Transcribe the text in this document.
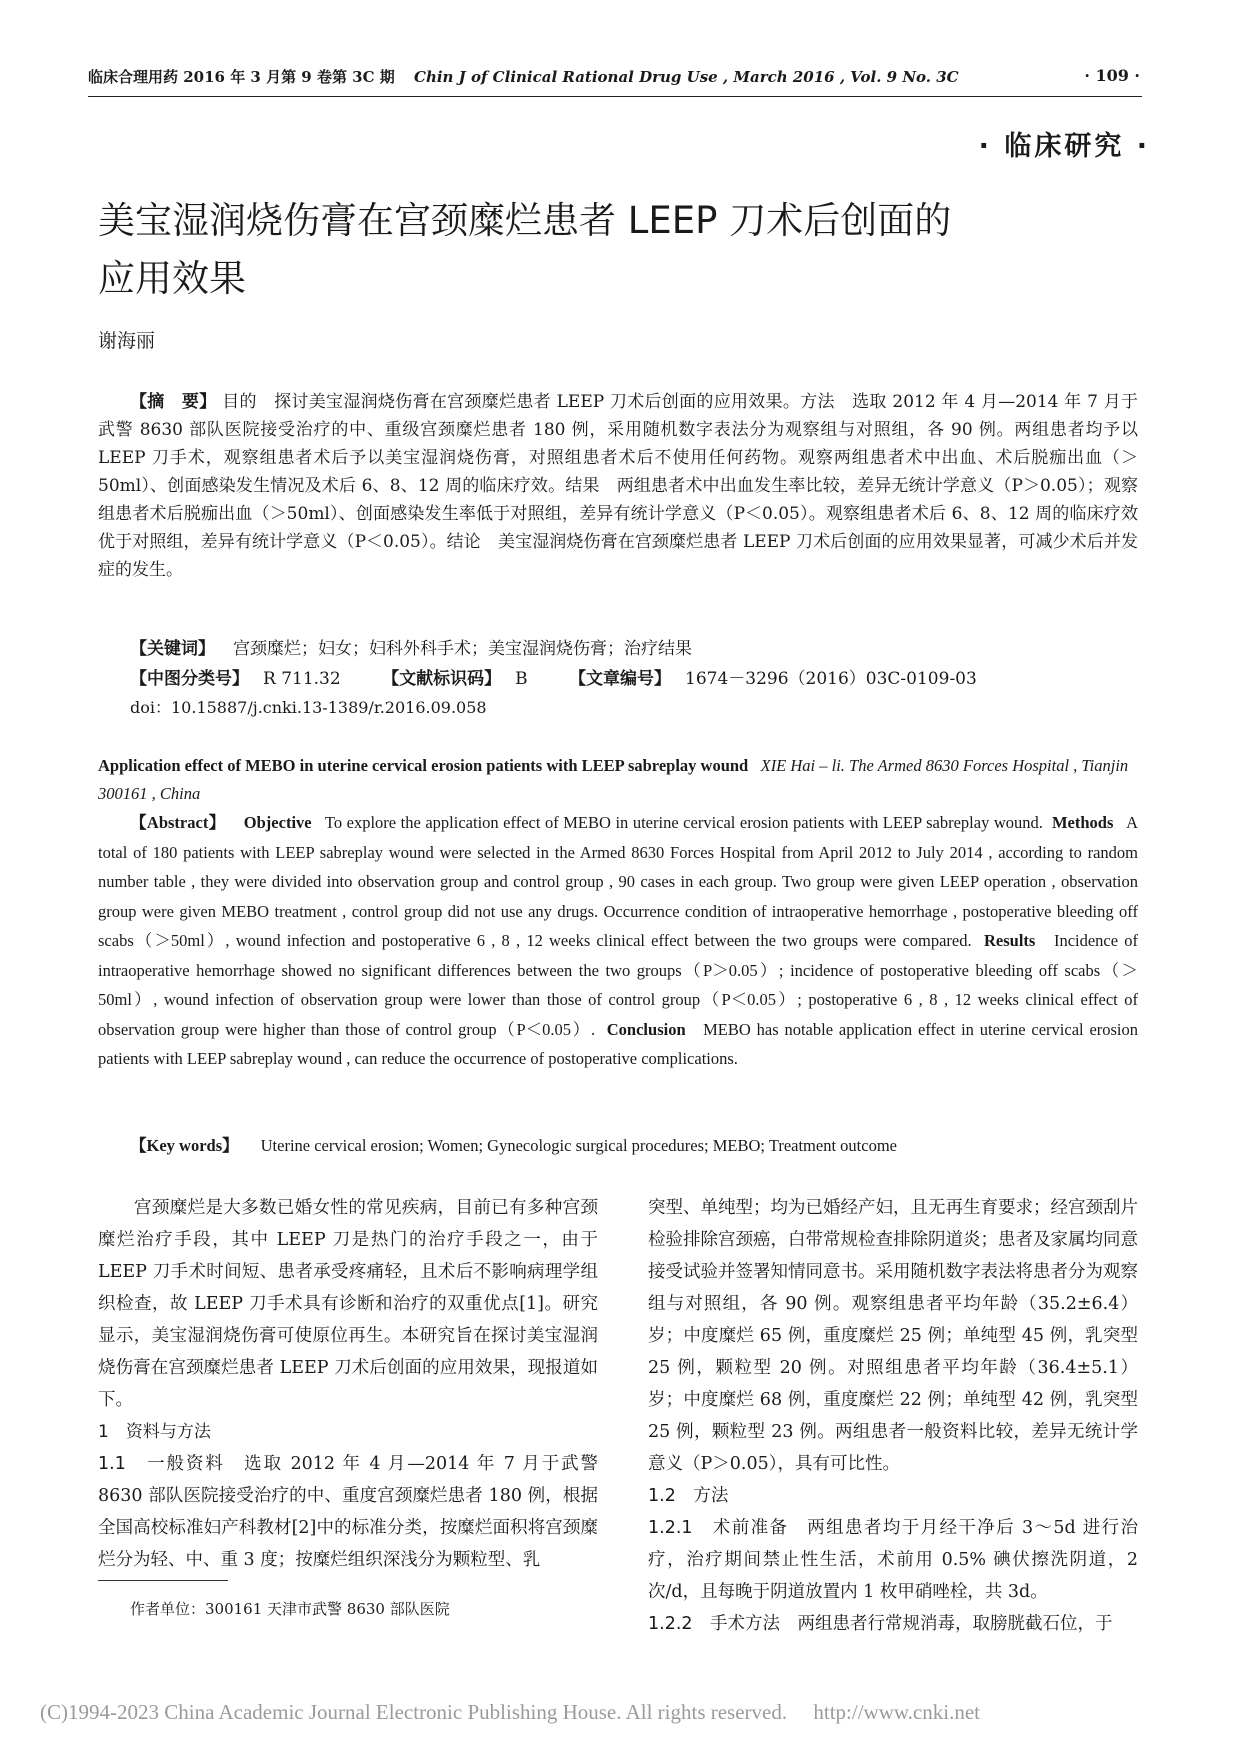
临床合理用药 2016 年 3 月第 9 卷第 3C 期 Chin J of Clinical Rational Drug Use , March 2016 , Vol. 9 No. 3C	· 109 ·
· 临床研究 ·
美宝湿润烧伤膏在宫颈糜烂患者 LEEP 刀术后创面的
应用效果
谢海丽
【摘　要】 目的　探讨美宝湿润烧伤膏在宫颈糜烂患者 LEEP 刀术后创面的应用效果。方法　选取 2012 年 4 月—2014 年 7 月于武警 8630 部队医院接受治疗的中、重级宫颈糜烂患者 180 例，采用随机数字表法分为观察组与对照组，各 90 例。两组患者均予以 LEEP 刀手术，观察组患者术后予以美宝湿润烧伤膏，对照组患者术后不使用任何药物。观察两组患者术中出血、术后脱痂出血（＞50ml）、创面感染发生情况及术后 6、8、12 周的临床疗效。结果　两组患者术中出血发生率比较，差异无统计学意义（P＞0.05）；观察组患者术后脱痂出血（＞50ml）、创面感染发生率低于对照组，差异有统计学意义（P＜0.05）。观察组患者术后 6、8、12 周的临床疗效优于对照组，差异有统计学意义（P＜0.05）。结论　美宝湿润烧伤膏在宫颈糜烂患者 LEEP 刀术后创面的应用效果显著，可减少术后并发症的发生。
【关键词】 宫颈糜烂；妇女；妇科外科手术；美宝湿润烧伤膏；治疗结果
【中图分类号】 R 711.32 【文献标识码】 B 【文章编号】 1674－3296（2016）03C-0109-03
doi：10.15887/j.cnki.13-1389/r.2016.09.058
Application effect of MEBO in uterine cervical erosion patients with LEEP sabreplay wound XIE Hai – li. The Armed 8630 Forces Hospital , Tianjin 300161 , China
【Abstract】 Objective To explore the application effect of MEBO in uterine cervical erosion patients with LEEP sabreplay wound. Methods A total of 180 patients with LEEP sabreplay wound were selected in the Armed 8630 Forces Hospital from April 2012 to July 2014 , according to random number table , they were divided into observation group and control group , 90 cases in each group. Two group were given LEEP operation , observation group were given MEBO treatment , control group did not use any drugs. Occurrence condition of intraoperative hemorrhage , postoperative bleeding off scabs（＞50ml）, wound infection and postoperative 6 , 8 , 12 weeks clinical effect between the two groups were compared. Results Incidence of intraoperative hemorrhage showed no significant differences between the two groups（P＞0.05）; incidence of postoperative bleeding off scabs（＞50ml）, wound infection of observation group were lower than those of control group（P＜0.05）; postoperative 6 , 8 , 12 weeks clinical effect of observation group were higher than those of control group（P＜0.05）. Conclusion MEBO has notable application effect in uterine cervical erosion patients with LEEP sabreplay wound , can reduce the occurrence of postoperative complications.
【Key words】 Uterine cervical erosion; Women; Gynecologic surgical procedures; MEBO; Treatment outcome
宫颈糜烂是大多数已婚女性的常见疾病，目前已有多种宫颈糜烂治疗手段，其中 LEEP 刀是热门的治疗手段之一，由于 LEEP 刀手术时间短、患者承受疼痛轻，且术后不影响病理学组织检查，故 LEEP 刀手术具有诊断和治疗的双重优点[1]。研究显示，美宝湿润烧伤膏可使原位再生。本研究旨在探讨美宝湿润烧伤膏在宫颈糜烂患者 LEEP 刀术后创面的应用效果，现报道如下。
1　资料与方法
1.1　一般资料　选取 2012 年 4 月—2014 年 7 月于武警 8630 部队医院接受治疗的中、重度宫颈糜烂患者 180 例，根据全国高校标准妇产科教材[2]中的标准分类，按糜烂面积将宫颈糜烂分为轻、中、重 3 度；按糜烂组织深浅分为颗粒型、乳
突型、单纯型；均为已婚经产妇，且无再生育要求；经宫颈刮片检验排除宫颈癌，白带常规检查排除阴道炎；患者及家属均同意接受试验并签署知情同意书。采用随机数字表法将患者分为观察组与对照组，各 90 例。观察组患者平均年龄（35.2±6.4）岁；中度糜烂 65 例，重度糜烂 25 例；单纯型 45 例，乳突型 25 例，颗粒型 20 例。对照组患者平均年龄（36.4±5.1）岁；中度糜烂 68 例，重度糜烂 22 例；单纯型 42 例，乳突型 25 例，颗粒型 23 例。两组患者一般资料比较，差异无统计学意义（P＞0.05），具有可比性。
1.2　方法
1.2.1　术前准备　两组患者均于月经干净后 3～5d 进行治疗，治疗期间禁止性生活，术前用 0.5% 碘伏擦洗阴道，2 次/d，且每晚于阴道放置内 1 枚甲硝唑栓，共 3d。
1.2.2　手术方法　两组患者行常规消毒，取膀胱截石位，于
作者单位：300161 天津市武警 8630 部队医院
(C)1994-2023 China Academic Journal Electronic Publishing House. All rights reserved.　 http://www.cnki.net
